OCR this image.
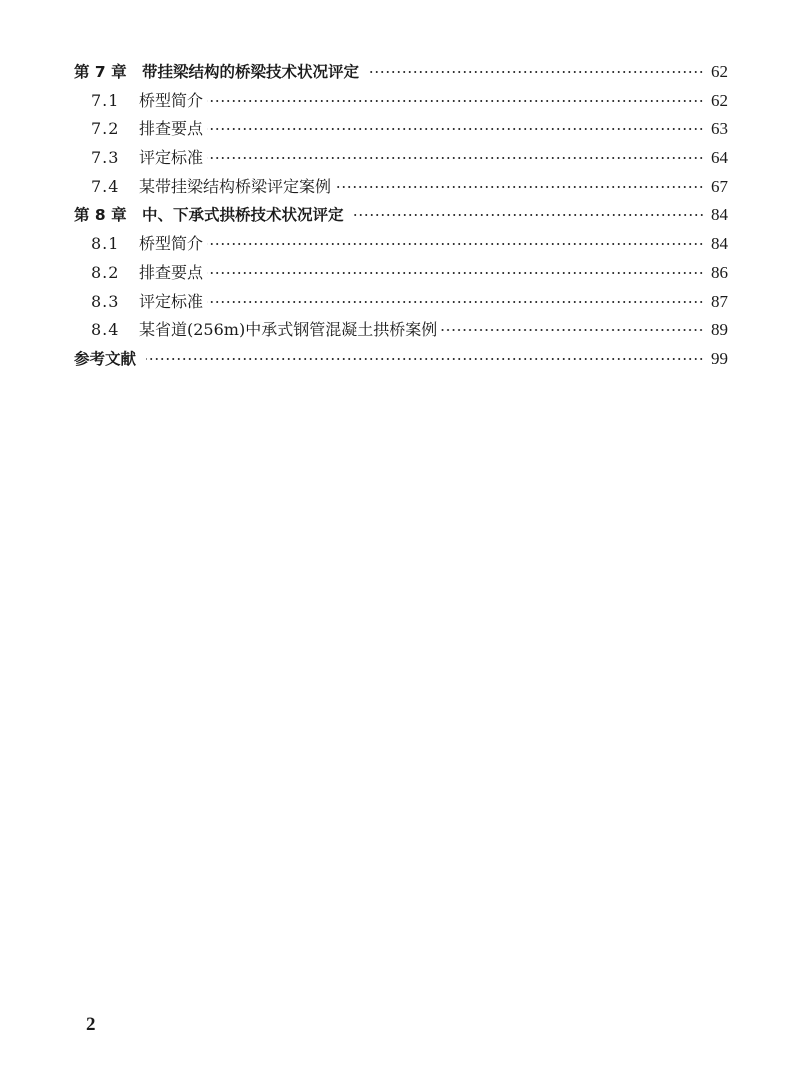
第 7 章 带挂梁结构的桥梁技术状况评定	62
7.1	桥型简介	62
7.2	排查要点	63
7.3	评定标准	64
7.4	某带挂梁结构桥梁评定案例	67
第 8 章 中、下承式拱桥技术状况评定	84
8.1	桥型简介	84
8.2	排查要点	86
8.3	评定标准	87
8.4	某省道(256m)中承式钢管混凝土拱桥案例	89
参考文献	99
2
